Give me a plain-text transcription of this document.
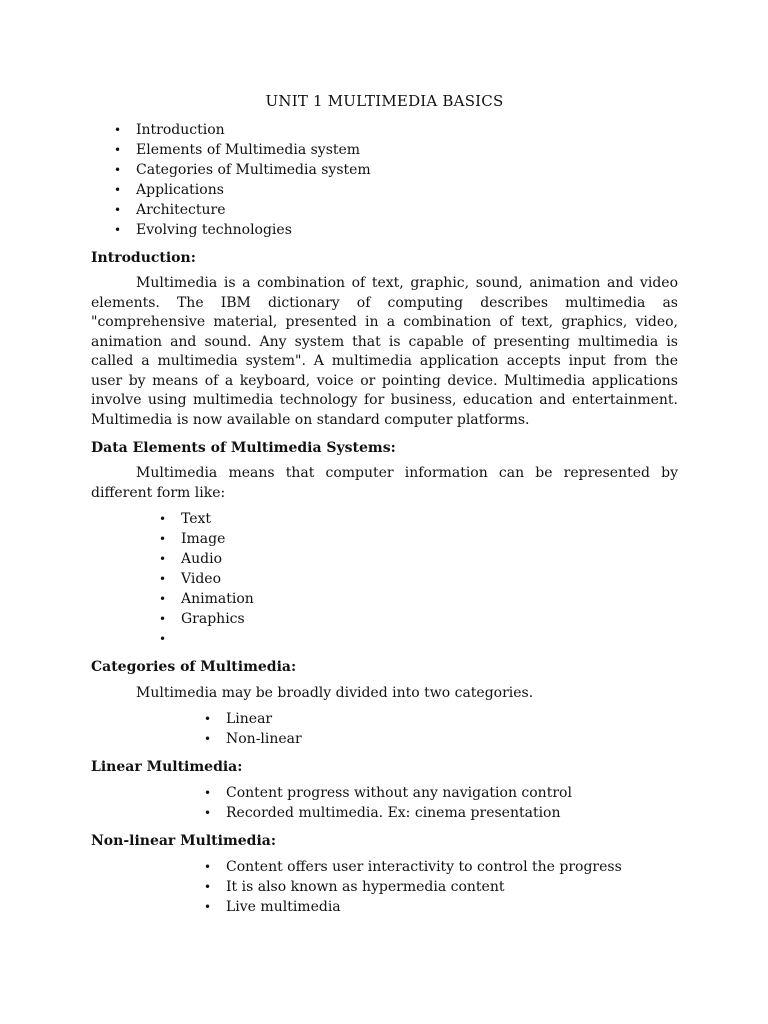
UNIT 1 MULTIMEDIA BASICS
• Introduction
• Elements of Multimedia system
• Categories of Multimedia system
• Applications
• Architecture
• Evolving technologies
Introduction:

Multimedia is a combination of text, graphic, sound, animation and video elements. The IBM dictionary of computing describes multimedia as "comprehensive material, presented in a combination of text, graphics, video, animation and sound. Any system that is capable of presenting multimedia is called a multimedia system". A multimedia application accepts input from the user by means of a keyboard, voice or pointing device. Multimedia applications involve using multimedia technology for business, education and entertainment. Multimedia is now available on standard computer platforms.

Data Elements of Multimedia Systems:

Multimedia means that computer information can be represented by different form like:

• Text
• Image
• Audio
• Video
• Animation
• Graphics
•
Categories of Multimedia:

Multimedia may be broadly divided into two categories.

• Linear
• Non-linear
Linear Multimedia:
• Content progress without any navigation control
• Recorded multimedia. Ex: cinema presentation
Non-linear Multimedia:
• Content offers user interactivity to control the progress
• It is also known as hypermedia content
• Live multimedia
